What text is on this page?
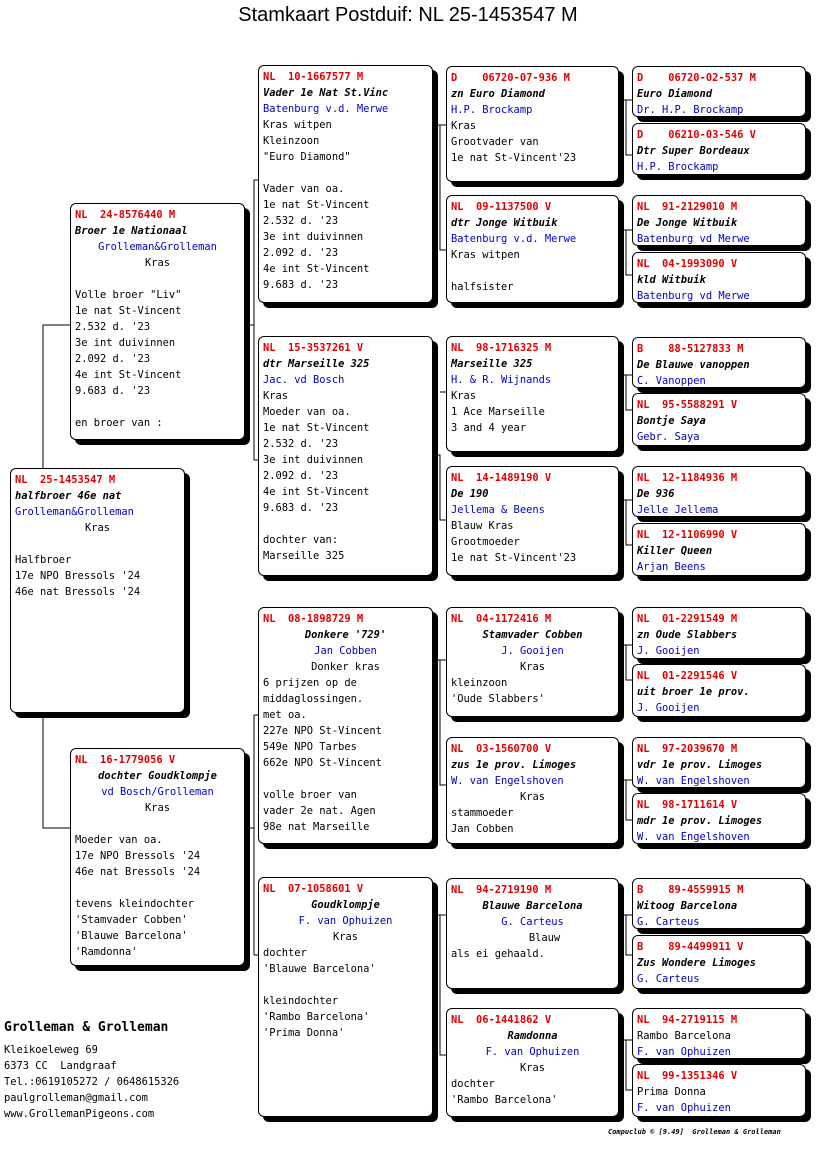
Stamkaart Postduif: NL 25-1453547 M
NL  25-1453547 M
halfbroer 46e nat
Grolleman&Grolleman
Kras
Halfbroer
17e NPO Bressols '24
46e nat Bressols '24
NL  24-8576440 M
Broer 1e Nationaal
Grolleman&Grolleman
Kras
Volle broer "Liv"
1e nat St-Vincent
2.532 d. '23
3e int duivinnen
2.092 d. '23
4e int St-Vincent
9.683 d. '23
en broer van :
NL  16-1779056 V
dochter Goudklompje
vd Bosch/Grolleman
Kras
Moeder van oa.
17e NPO Bressols '24
46e nat Bressols '24
tevens kleindochter
'Stamvader Cobben'
'Blauwe Barcelona'
'Ramdonna'
NL  10-1667577 M
Vader 1e Nat St.Vinc
Batenburg v.d. Merwe
Kras witpen
Kleinzoon
"Euro Diamond"
Vader van oa.
1e nat St-Vincent
2.532 d. '23
3e int duivinnen
2.092 d. '23
4e int St-Vincent
9.683 d. '23
NL  15-3537261 V
dtr Marseille 325
Jac. vd Bosch
Kras
Moeder van oa.
1e nat St-Vincent
2.532 d. '23
3e int duivinnen
2.092 d. '23
4e int St-Vincent
9.683 d. '23
dochter van:
Marseille 325
NL  08-1898729 M
Donkere '729'
Jan Cobben
Donker kras
6 prijzen op de
middaglossingen.
met oa.
227e NPO St-Vincent
549e NPO Tarbes
662e NPO St-Vincent
volle broer van
vader 2e nat. Agen
98e nat Marseille
NL  07-1058601 V
Goudklompje
F. van Ophuizen
Kras
dochter
'Blauwe Barcelona'
kleindochter
'Rambo Barcelona'
'Prima Donna'
D    06720-07-936 M
zn Euro Diamond
H.P. Brockamp
Kras
Grootvader van
1e nat St-Vincent'23
NL  09-1137500 V
dtr Jonge Witbuik
Batenburg v.d. Merwe
Kras witpen
halfsister
NL  98-1716325 M
Marseille 325
H. & R. Wijnands
Kras
1 Ace Marseille
3 and 4 year
NL  14-1489190 V
De 190
Jellema & Beens
Blauw Kras
Grootmoeder
1e nat St-Vincent'23
NL  04-1172416 M
Stamvader Cobben
J. Gooijen
Kras
kleinzoon
'Oude Slabbers'
NL  03-1560700 V
zus 1e prov. Limoges
W. van Engelshoven
Kras
stammoeder
Jan Cobben
NL  94-2719190 M
Blauwe Barcelona
G. Carteus
Blauw
als ei gehaald.
NL  06-1441862 V
Ramdonna
F. van Ophuizen
Kras
dochter
'Rambo Barcelona'
D    06720-02-537 M
Euro Diamond
Dr. H.P. Brockamp
D    06210-03-546 V
Dtr Super Bordeaux
H.P. Brockamp
NL  91-2129010 M
De Jonge Witbuik
Batenburg vd Merwe
NL  04-1993090 V
kld Witbuik
Batenburg vd Merwe
B    88-5127833 M
De Blauwe vanoppen
C. Vanoppen
NL  95-5588291 V
Bontje Saya
Gebr. Saya
NL  12-1184936 M
De 936
Jelle Jellema
NL  12-1106990 V
Killer Queen
Arjan Beens
NL  01-2291549 M
zn Oude Slabbers
J. Gooijen
NL  01-2291546 V
uit broer 1e prov.
J. Gooijen
NL  97-2039670 M
vdr 1e prov. Limoges
W. van Engelshoven
NL  98-1711614 V
mdr 1e prov. Limoges
W. van Engelshoven
B    89-4559915 M
Witoog Barcelona
G. Carteus
B    89-4499911 V
Zus Wondere Limoges
G. Carteus
NL  94-2719115 M
Rambo Barcelona
F. van Ophuizen
NL  99-1351346 V
Prima Donna
F. van Ophuizen
Grolleman & Grolleman
Kleikoeleweg 69
6373 CC  Landgraaf
Tel.:0619105272 / 0648615326
paulgrolleman@gmail.com
www.GrollemanPigeons.com
Compuclub © [9.49]  Grolleman & Grolleman
